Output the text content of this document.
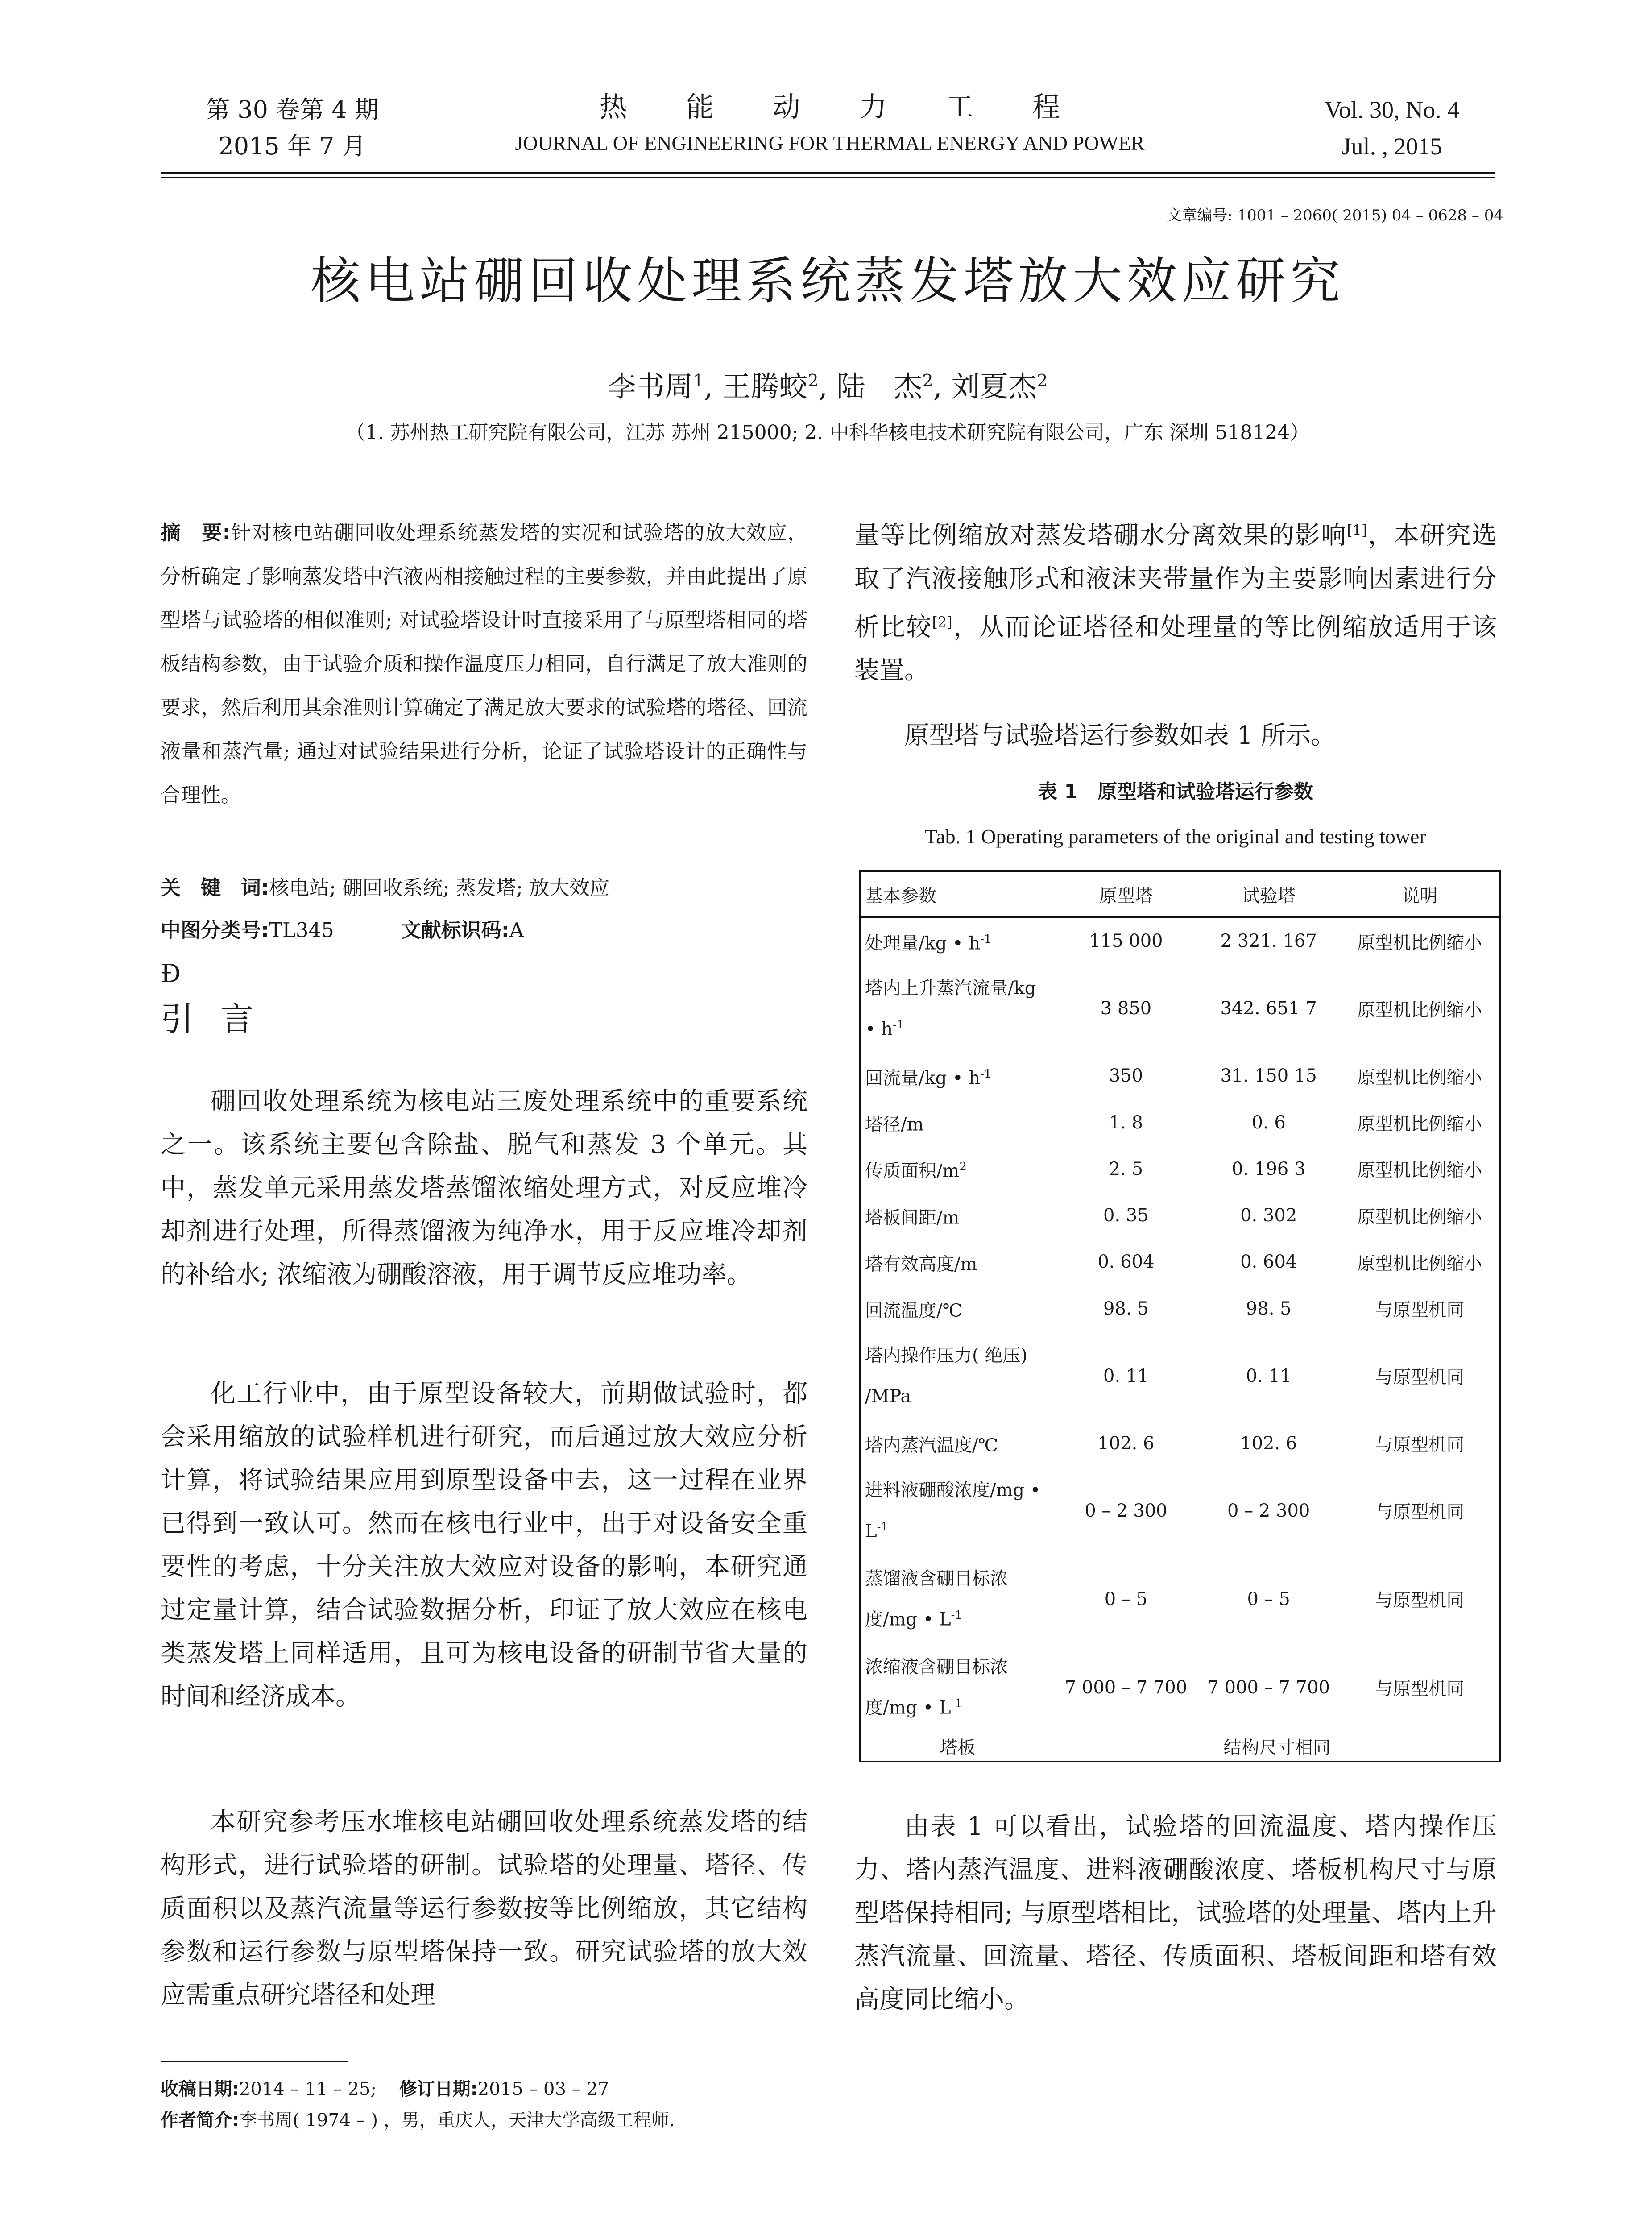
第 30 卷第 4 期
2015 年 7 月
热能动力工程
JOURNAL OF ENGINEERING FOR THERMAL ENERGY AND POWER
Vol. 30, No. 4
Jul. , 2015
文章编号: 1001 – 2060( 2015) 04 – 0628 – 04
核电站硼回收处理系统蒸发塔放大效应研究
李书周$^1$, 王腾蛟$^2$, 陆　杰$^2$, 刘夏杰$^2$
（1. 苏州热工研究院有限公司，江苏 苏州 215000; 2. 中科华核电技术研究院有限公司，广东 深圳 518124）
摘　要:针对核电站硼回收处理系统蒸发塔的实况和试验塔的放大效应，分析确定了影响蒸发塔中汽液两相接触过程的主要参数，并由此提出了原型塔与试验塔的相似准则; 对试验塔设计时直接采用了与原型塔相同的塔板结构参数，由于试验介质和操作温度压力相同，自行满足了放大准则的要求，然后利用其余准则计算确定了满足放大要求的试验塔的塔径、回流液量和蒸汽量; 通过对试验结果进行分析，论证了试验塔设计的正确性与合理性。
关　键　词:核电站; 硼回收系统; 蒸发塔; 放大效应
中图分类号:TL345	文献标识码:A
Ð
引言

硼回收处理系统为核电站三废处理系统中的重要系统之一。该系统主要包含除盐、脱气和蒸发 3 个单元。其中，蒸发单元采用蒸发塔蒸馏浓缩处理方式，对反应堆冷却剂进行处理，所得蒸馏液为纯净水，用于反应堆冷却剂的补给水; 浓缩液为硼酸溶液，用于调节反应堆功率。

化工行业中，由于原型设备较大，前期做试验时，都会采用缩放的试验样机进行研究，而后通过放大效应分析计算，将试验结果应用到原型设备中去，这一过程在业界已得到一致认可。然而在核电行业中，出于对设备安全重要性的考虑，十分关注放大效应对设备的影响，本研究通过定量计算，结合试验数据分析，印证了放大效应在核电类蒸发塔上同样适用，且可为核电设备的研制节省大量的时间和经济成本。

本研究参考压水堆核电站硼回收处理系统蒸发塔的结构形式，进行试验塔的研制。试验塔的处理量、塔径、传质面积以及蒸汽流量等运行参数按等比例缩放，其它结构参数和运行参数与原型塔保持一致。研究试验塔的放大效应需重点研究塔径和处理

收稿日期:2014 – 11 – 25; 修订日期:2015 – 03 – 27
作者简介:李书周( 1974 – ) ，男，重庆人，天津大学高级工程师.

量等比例缩放对蒸发塔硼水分离效果的影响[1]，本研究选取了汽液接触形式和液沫夹带量作为主要影响因素进行分析比较[2]，从而论证塔径和处理量的等比例缩放适用于该装置。

原型塔与试验塔运行参数如表 1 所示。

表 1　原型塔和试验塔运行参数
Tab. 1 Operating parameters of the original and testing tower
基本参数	原型塔	试验塔	说明
处理量/kg • $h^{-1}$	115 000	2 321. 167	原型机比例缩小
塔内上升蒸汽流量/kg • $h^{-1}$	3 850	342. 651 7	原型机比例缩小
回流量/kg • $h^{-1}$	350	31. 150 15	原型机比例缩小
塔径/m	1. 8	0. 6	原型机比例缩小
传质面积$/m^2$	2. 5	0. 196 3	原型机比例缩小
塔板间距/m	0. 35	0. 302	原型机比例缩小
塔有效高度/m	0. 604	0. 604	原型机比例缩小
回流温度/℃	98. 5	98. 5	与原型机同
塔内操作压力( 绝压) /MPa	0. 11	0. 11	与原型机同
塔内蒸汽温度/℃	102. 6	102. 6	与原型机同
进料液硼酸浓度/mg • $L^{-1}$	0 – 2 300	0 – 2 300	与原型机同
蒸馏液含硼目标浓度/mg • $L^{-1}$	0 – 5	0 – 5	与原型机同
浓缩液含硼目标浓度/mg • $L^{-1}$	7 000 – 7 700	7 000 – 7 700	与原型机同
塔板	结构尺寸相同		

由表 1 可以看出，试验塔的回流温度、塔内操作压力、塔内蒸汽温度、进料液硼酸浓度、塔板机构尺寸与原型塔保持相同; 与原型塔相比，试验塔的处理量、塔内上升蒸汽流量、回流量、塔径、传质面积、塔板间距和塔有效高度同比缩小。
